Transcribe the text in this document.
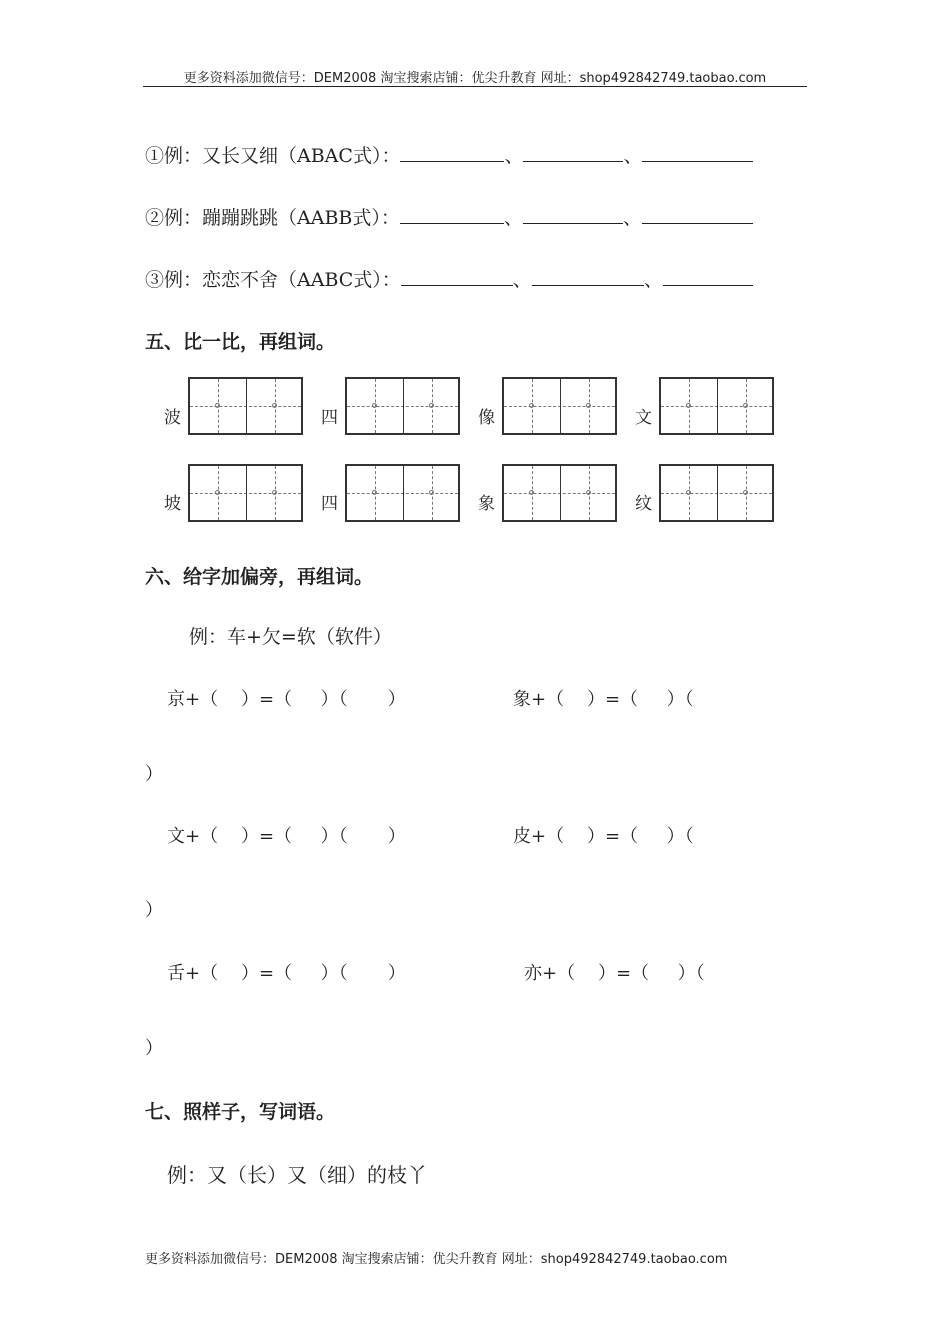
更多资料添加微信号：DEM2008 淘宝搜索店铺：优尖升教育 网址：shop492842749.taobao.com
①例：又长又细（ABAC式）：	、	、
②例：蹦蹦跳跳（AABB式）：	、	、
③例：恋恋不舍（AABC式）：	、	、
五、比一比，再组词。
波	四	像	文
坡	四	象	纹
六、给字加偏旁，再组词。
例：车+欠=软（软件）
京+（    ）=（     ）（       ）	象+（    ）=（     ）（
）
文+（    ）=（     ）（       ）	皮+（    ）=（     ）（
）
舌+（    ）=（     ）（       ）	亦+（    ）=（     ）（
）
七、照样子，写词语。
例：又（长）又（细）的枝丫
更多资料添加微信号：DEM2008 淘宝搜索店铺：优尖升教育 网址：shop492842749.taobao.com
